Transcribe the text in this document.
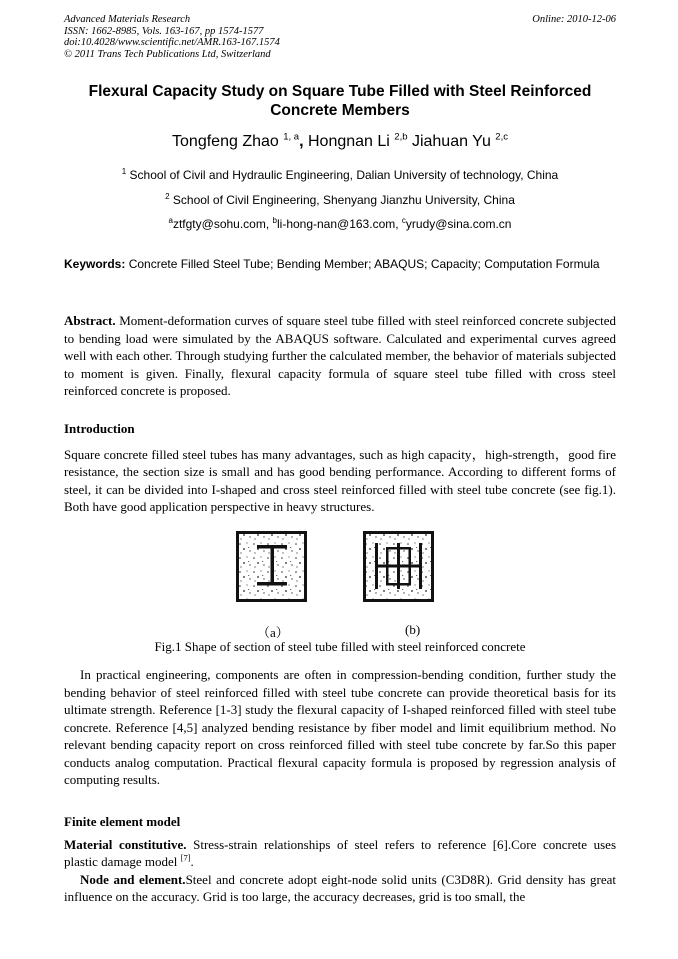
Advanced Materials Research
ISSN: 1662-8985, Vols. 163-167, pp 1574-1577
doi:10.4028/www.scientific.net/AMR.163-167.1574
© 2011 Trans Tech Publications Ltd, Switzerland
Online: 2010-12-06
Flexural Capacity Study on Square Tube Filled with Steel Reinforced
Concrete Members
Tongfeng Zhao $^{1, a}$, Hongnan Li $^{2,b}$ Jiahuan Yu $^{2,c}$
$^1$ School of Civil and Hydraulic Engineering, Dalian University of technology, China
$^2$ School of Civil Engineering, Shenyang Jianzhu University, China
$^a$ztfgty@sohu.com, $^b$li-hong-nan@163.com, $^c$yrudy@sina.com.cn
Keywords: Concrete Filled Steel Tube; Bending Member; ABAQUS; Capacity; Computation Formula

Abstract. Moment-deformation curves of square steel tube filled with steel reinforced concrete subjected to bending load were simulated by the ABAQUS software. Calculated and experimental curves agreed well with each other. Through studying further the calculated member, the behavior of materials subjected to moment is given. Finally, flexural capacity formula of square steel tube filled with cross steel reinforced concrete is proposed.

Introduction

Square concrete filled steel tubes has many advantages, such as high capacity，high-strength，good fire resistance, the section size is small and has good bending performance. According to different forms of steel, it can be divided into I-shaped and cross steel reinforced filled with steel tube concrete (see fig.1). Both have good application perspective in heavy structures.

（a）	(b)
Fig.1 Shape of section of steel tube filled with steel reinforced concrete

In practical engineering, components are often in compression-bending condition, further study the bending behavior of steel reinforced filled with steel tube concrete can provide theoretical basis for its ultimate strength. Reference [1-3] study the flexural capacity of I-shaped reinforced filled with steel tube concrete. Reference [4,5] analyzed bending resistance by fiber model and limit equilibrium method. No relevant bending capacity report on cross reinforced filled with steel tube concrete by far.So this paper conducts analog computation. Practical flexural capacity formula is proposed by regression analysis of computing results.

Finite element model

Material constitutive. Stress-strain relationships of steel refers to reference [6].Core concrete uses plastic damage model [7].

Node and element.Steel and concrete adopt eight-node solid units (C3D8R). Grid density has great influence on the accuracy. Grid is too large, the accuracy decreases, grid is too small, the
